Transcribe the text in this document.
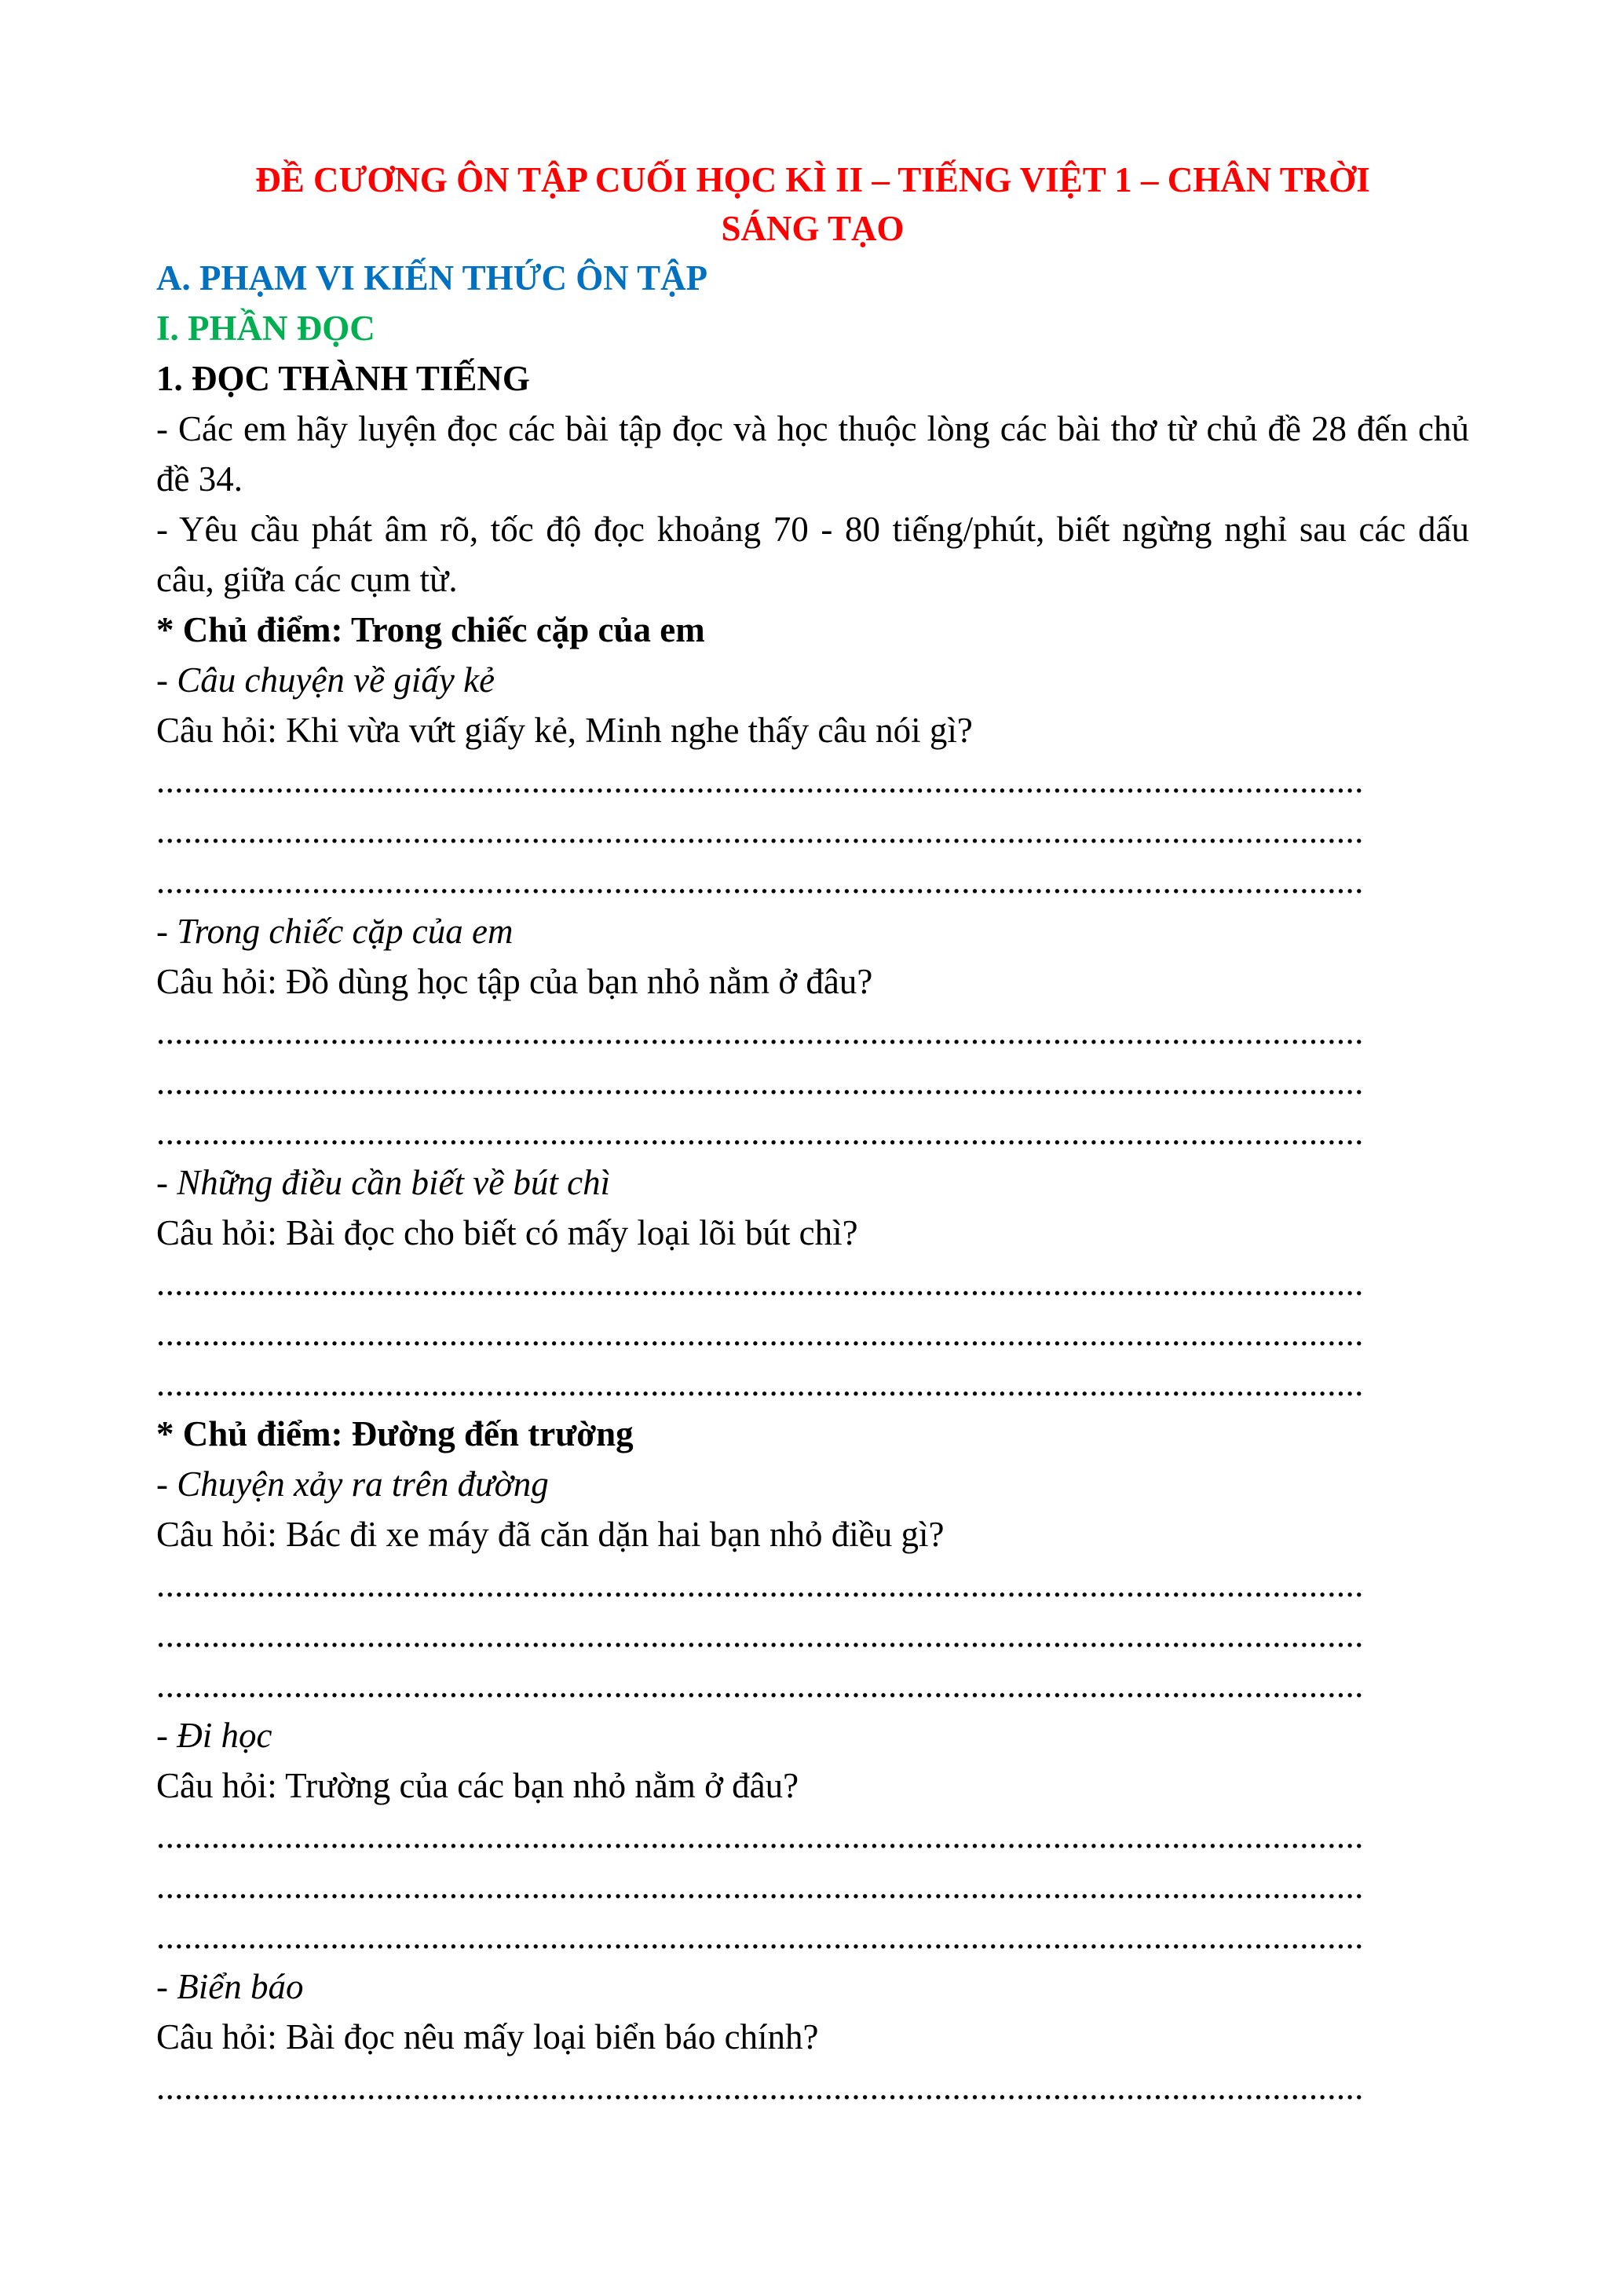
ĐỀ CƯƠNG ÔN TẬP CUỐI HỌC KÌ II – TIẾNG VIỆT 1 – CHÂN TRỜI
SÁNG TẠO

A. PHẠM VI KIẾN THỨC ÔN TẬP

I. PHẦN ĐỌC

1. ĐỌC THÀNH TIẾNG

- Các em hãy luyện đọc các bài tập đọc và học thuộc lòng các bài thơ từ chủ đề 28 đến chủ đề 34.

- Yêu cầu phát âm rõ, tốc độ đọc khoảng 70 - 80 tiếng/phút, biết ngừng nghỉ sau các dấu câu, giữa các cụm từ.

* Chủ điểm: Trong chiếc cặp của em

- Câu chuyện về giấy kẻ

Câu hỏi: Khi vừa vứt giấy kẻ, Minh nghe thấy câu nói gì?

....................................................................................................................................

....................................................................................................................................

....................................................................................................................................

- Trong chiếc cặp của em

Câu hỏi: Đồ dùng học tập của bạn nhỏ nằm ở đâu?

....................................................................................................................................

....................................................................................................................................

....................................................................................................................................

- Những điều cần biết về bút chì

Câu hỏi: Bài đọc cho biết có mấy loại lõi bút chì?

....................................................................................................................................

....................................................................................................................................

....................................................................................................................................

* Chủ điểm: Đường đến trường

- Chuyện xảy ra trên đường

Câu hỏi: Bác đi xe máy đã căn dặn hai bạn nhỏ điều gì?

....................................................................................................................................

....................................................................................................................................

....................................................................................................................................

- Đi học

Câu hỏi: Trường của các bạn nhỏ nằm ở đâu?

....................................................................................................................................

....................................................................................................................................

....................................................................................................................................

- Biển báo

Câu hỏi: Bài đọc nêu mấy loại biển báo chính?

....................................................................................................................................
